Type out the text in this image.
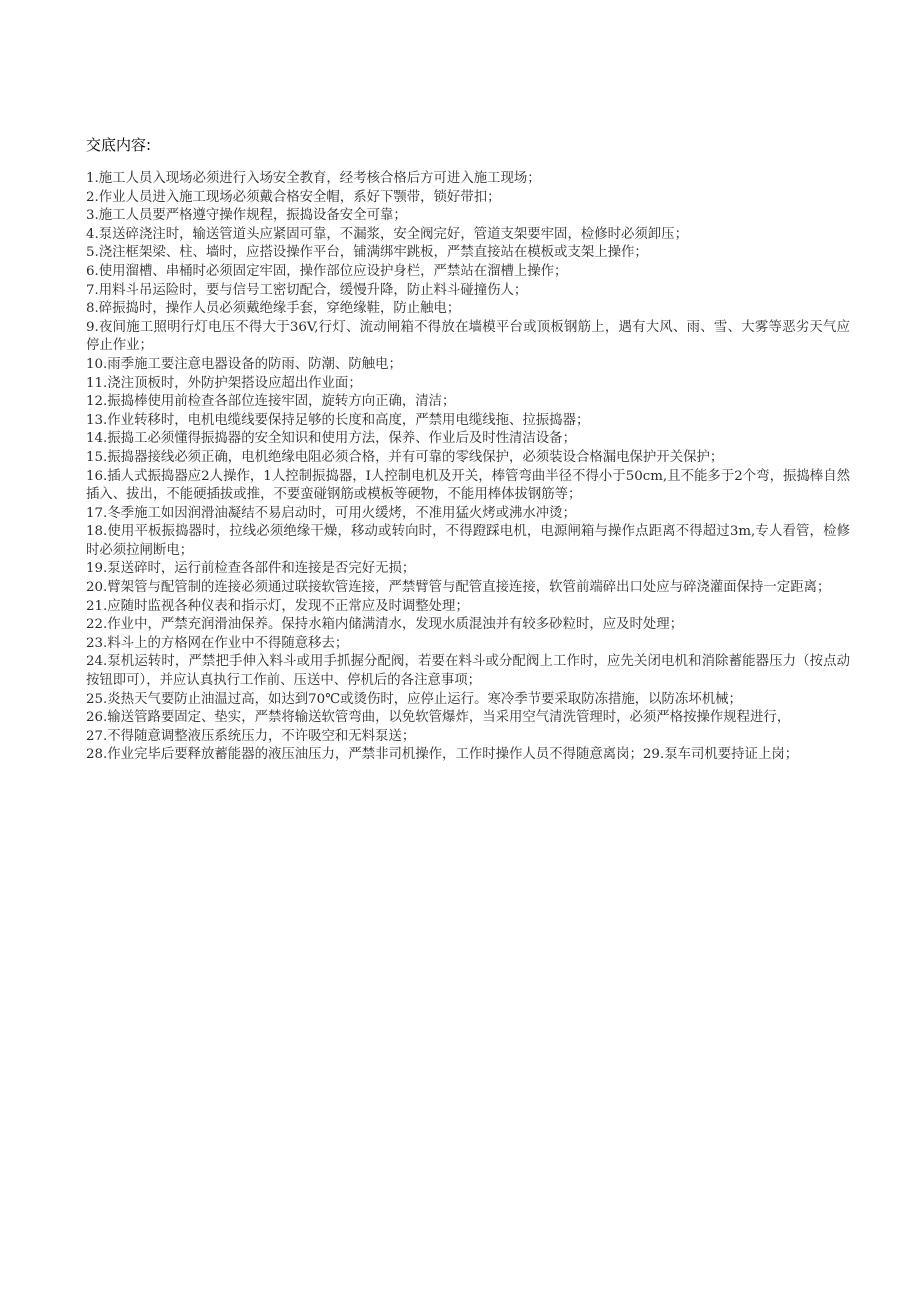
交底内容:
1.施工人员入现场必须进行入场安全教育，经考核合格后方可进入施工现场；
2.作业人员进入施工现场必须戴合格安全帽，系好下颚带，锁好带扣；
3.施工人员要严格遵守操作规程，振捣设备安全可靠；
4.泵送碎浇注时，输送管道头应紧固可靠，不漏浆，安全阀完好，管道支架要牢固，检修时必须卸压；
5.浇注框架梁、柱、墙时，应搭设操作平台，铺满绑牢跳板，严禁直接站在模板或支架上操作；
6.使用溜槽、串桶时必须固定牢固，操作部位应设护身栏，严禁站在溜槽上操作；
7.用料斗吊运险时，要与信号工密切配合，缓慢升降，防止料斗碰撞伤人；
8.碎振捣时，操作人员必须戴绝缘手套，穿绝缘鞋，防止触电；
9.夜间施工照明行灯电压不得大于36V,行灯、流动闸箱不得放在墙模平台或顶板钢筋上，遇有大风、雨、雪、大雾等恶劣天气应停止作业；
10.雨季施工要注意电器设备的防雨、防潮、防触电；
11.浇注顶板时，外防护架搭设应超出作业面；
12.振捣棒使用前检查各部位连接牢固，旋转方向正确，清洁；
13.作业转移时，电机电缆线要保持足够的长度和高度，严禁用电缆线拖、拉振捣器；
14.振捣工必须懂得振捣器的安全知识和使用方法，保养、作业后及时性清洁设备；
15.振捣器接线必须正确，电机绝缘电阻必须合格，并有可靠的零线保护，必须装设合格漏电保护开关保护；
16.插人式振捣器应2人操作，1人控制振捣器，I人控制电机及开关，棒管弯曲半径不得小于50cm,且不能多于2个弯，振捣棒自然插入、拔出，不能硬插拔或推，不要蛮碰钢筋或模板等硬物，不能用棒体拔钢筋等；
17.冬季施工如因润滑油凝结不易启动时，可用火缓烤，不准用猛火烤或沸水冲烫；
18.使用平板振捣器时，拉线必须绝缘干燥，移动或转向时，不得蹬踩电机，电源闸箱与操作点距离不得超过3m,专人看管，检修时必须拉闸断电；
19.泵送碎时，运行前检查各部件和连接是否完好无损；
20.臂架管与配管制的连接必须通过联接软管连接，严禁臂管与配管直接连接，软管前端碎出口处应与碎浇灌面保持一定距离；
21.应随时监视各种仪表和指示灯，发现不正常应及时调整处理；
22.作业中，严禁充润滑油保养。保持水箱内储满清水，发现水质混浊并有较多砂粒时，应及时处理；
23.料斗上的方格网在作业中不得随意移去；
24.泵机运转时，严禁把手伸入料斗或用手抓握分配阀，若要在料斗或分配阀上工作时，应先关闭电机和消除蓄能器压力（按点动按钮即可），并应认真执行工作前、压送中、停机后的各注意事项；
25.炎热天气要防止油温过高，如达到70℃或烫伤时，应停止运行。寒冷季节要采取防冻措施，以防冻坏机械；
26.输送管路要固定、垫实，严禁将输送软管弯曲，以免软管爆炸，当采用空气清洗管理时，必须严格按操作规程进行，
27.不得随意调整液压系统压力，不许吸空和无料泵送；
28.作业完毕后要释放蓄能器的液压油压力，严禁非司机操作，工作时操作人员不得随意离岗；29.泵车司机要持证上岗；
